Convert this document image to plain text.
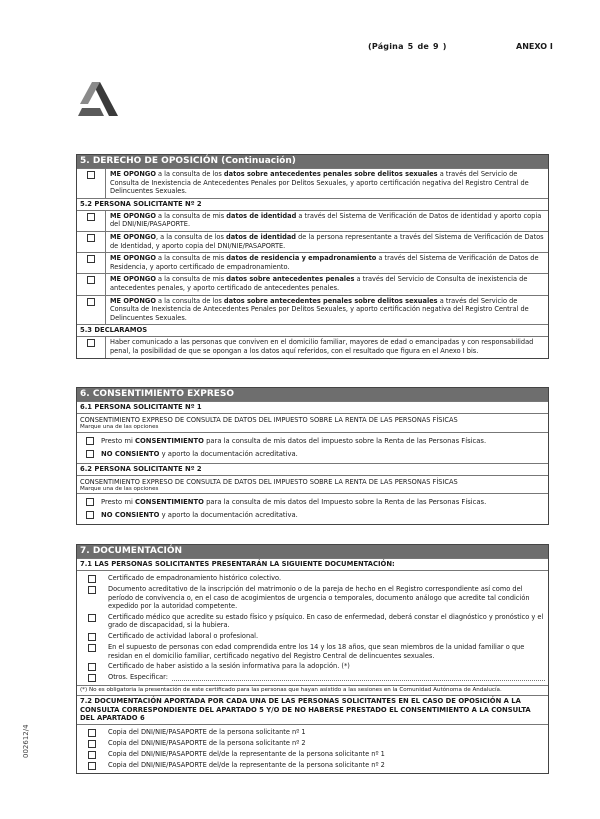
(Página 5 de 9 )	ANEXO I
002612/4
5. DERECHO DE OPOSICIÓN (Continuación)
ME OPONGO a la consulta de los datos sobre antecedentes penales sobre delitos sexuales a través del Servicio de Consulta de Inexistencia de Antecedentes Penales por Delitos Sexuales, y aporto certificación negativa del Registro Central de Delincuentes Sexuales.
5.2 PERSONA SOLICITANTE Nº 2
ME OPONGO a la consulta de mis datos de identidad a través del Sistema de Verificación de Datos de identidad y aporto copia del DNI/NIE/PASAPORTE.
ME OPONGO, a la consulta de los datos de identidad de la persona representante a través del Sistema de Verificación de Datos de Identidad, y aporto copia del DNI/NIE/PASAPORTE.
ME OPONGO a la consulta de mis datos de residencia y empadronamiento a través del Sistema de Verificación de Datos de Residencia, y aporto certificado de empadronamiento.
ME OPONGO a la consulta de mis datos sobre antecedentes penales a través del Servicio de Consulta de inexistencia de antecedentes penales, y aporto certificado de antecedentes penales.
ME OPONGO a la consulta de los datos sobre antecedentes penales sobre delitos sexuales a través del Servicio de Consulta de Inexistencia de Antecedentes Penales por Delitos Sexuales, y aporto certificación negativa del Registro Central de Delincuentes Sexuales.
5.3 DECLARAMOS
Haber comunicado a las personas que conviven en el domicilio familiar, mayores de edad o emancipadas y con responsabilidad penal, la posibilidad de que se opongan a los datos aquí referidos, con el resultado que figura en el Anexo I bis.
6. CONSENTIMIENTO EXPRESO
6.1 PERSONA SOLICITANTE Nº 1
CONSENTIMIENTO EXPRESO DE CONSULTA DE DATOS DEL IMPUESTO SOBRE LA RENTA DE LAS PERSONAS FÍSICAS
Marque una de las opciones
Presto mi CONSENTIMIENTO para la consulta de mis datos del impuesto sobre la Renta de las Personas Físicas.
NO CONSIENTO y aporto la documentación acreditativa.
6.2 PERSONA SOLICITANTE Nº 2
CONSENTIMIENTO EXPRESO DE CONSULTA DE DATOS DEL IMPUESTO SOBRE LA RENTA DE LAS PERSONAS FÍSICAS
Marque una de las opciones
Presto mi CONSENTIMIENTO para la consulta de mis datos del Impuesto sobre la Renta de las Personas Físicas.
NO CONSIENTO y aporto la documentación acreditativa.
7. DOCUMENTACIÓN
7.1 LAS PERSONAS SOLICITANTES PRESENTARÁN LA SIGUIENTE DOCUMENTACIÓN:
Certificado de empadronamiento histórico colectivo.
Documento acreditativo de la inscripción del matrimonio o de la pareja de hecho en el Registro correspondiente así como del período de convivencia o, en el caso de acogimientos de urgencia o temporales, documento análogo que acredite tal condición expedido por la autoridad competente.
Certificado médico que acredite su estado físico y psíquico. En caso de enfermedad, deberá constar el diagnóstico y pronóstico y el grado de discapacidad, si la hubiera.
Certificado de actividad laboral o profesional.
En el supuesto de personas con edad comprendida entre los 14 y los 18 años, que sean miembros de la unidad familiar o que residan en el domicilio familiar, certificado negativo del Registro Central de delincuentes sexuales.
Certificado de haber asistido a la sesión informativa para la adopción. (*)
Otros. Especificar:
(*) No es obligatoria la presentación de este certificado para las personas que hayan asistido a las sesiones en la Comunidad Autónoma de Andalucía.
7.2 DOCUMENTACIÓN APORTADA POR CADA UNA DE LAS PERSONAS SOLICITANTES EN EL CASO DE OPOSICIÓN A LA CONSULTA CORRESPONDIENTE DEL APARTADO 5 Y/O DE NO HABERSE PRESTADO EL CONSENTIMIENTO A LA CONSULTA DEL APARTADO 6
Copia del DNI/NIE/PASAPORTE de la persona solicitante nº 1
Copia del DNI/NIE/PASAPORTE de la persona solicitante nº 2
Copia del DNI/NIE/PASAPORTE del/de la representante de la persona solicitante nº 1
Copia del DNI/NIE/PASAPORTE del/de la representante de la persona solicitante nº 2
